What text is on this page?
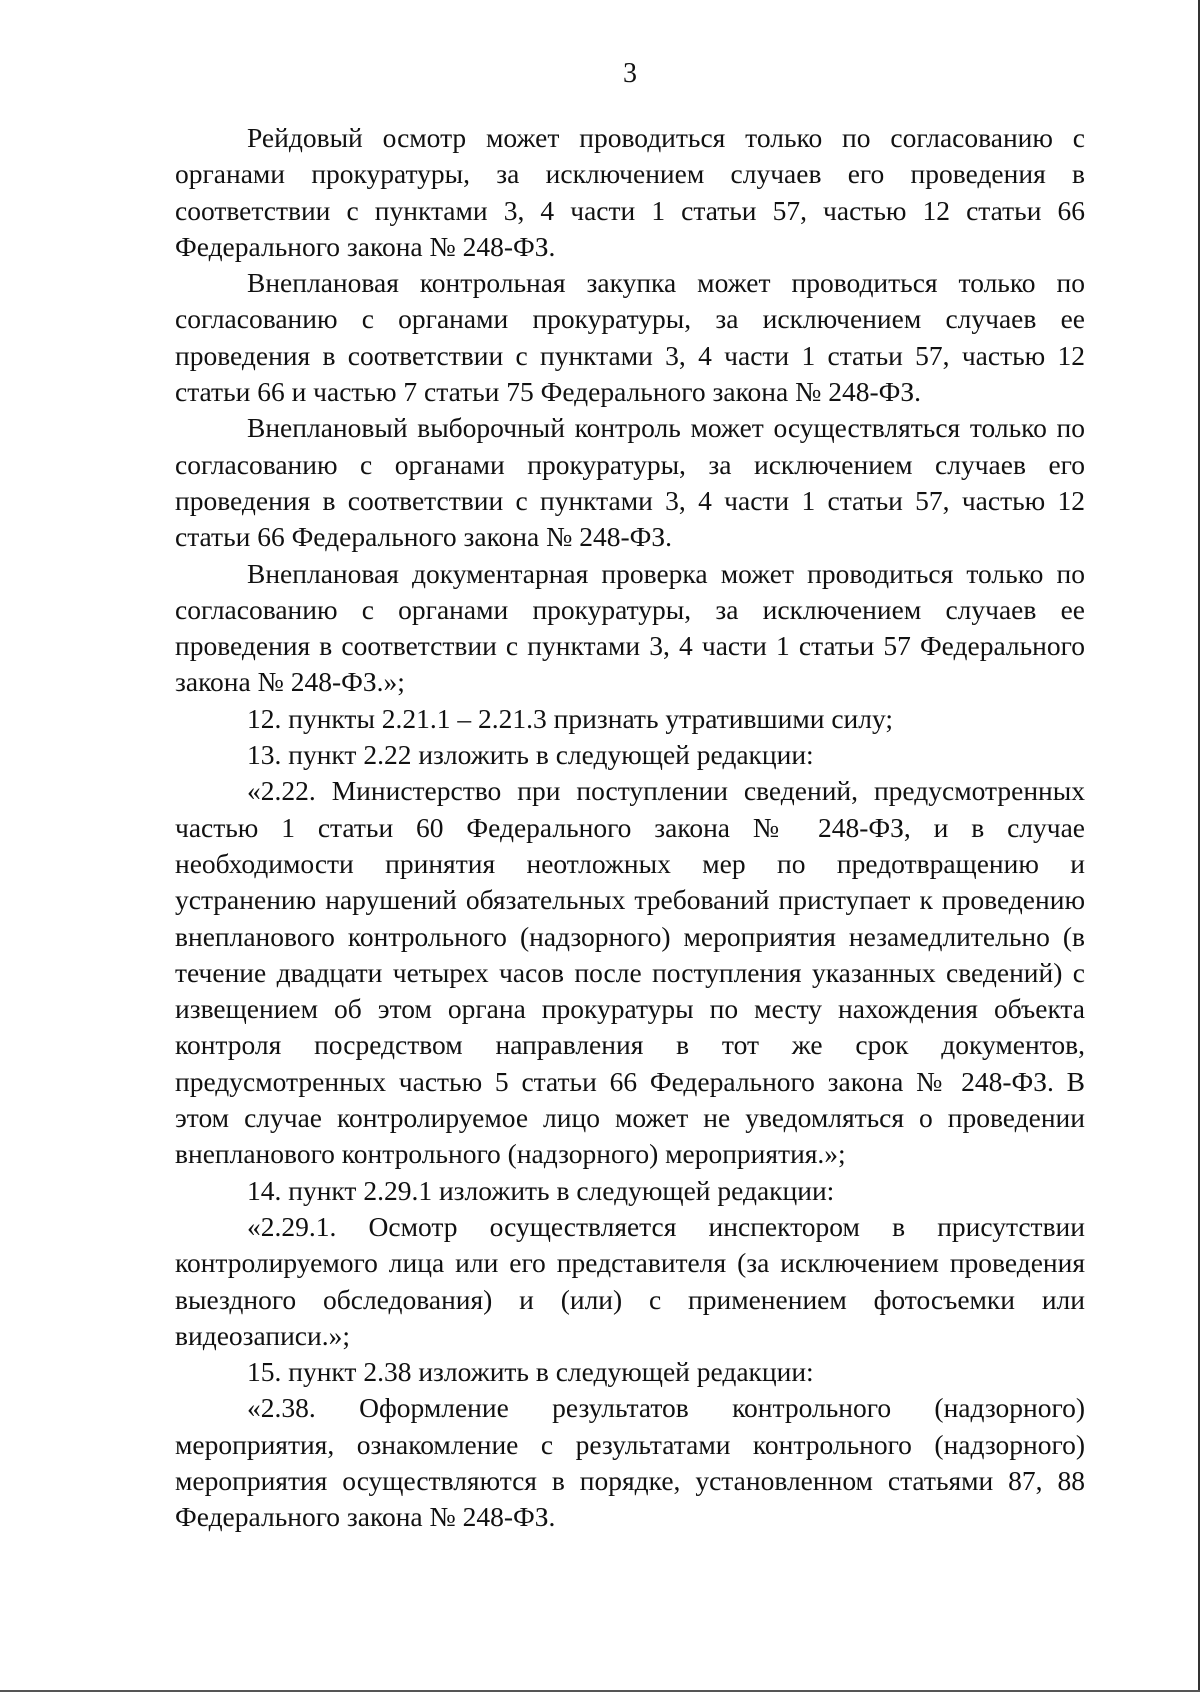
3

Рейдовый осмотр может проводиться только по согласованию с органами прокуратуры, за исключением случаев его проведения в соответствии с пунктами 3, 4 части 1 статьи 57, частью 12 статьи 66 Федерального закона № 248-ФЗ.

Внеплановая контрольная закупка может проводиться только по согласованию с органами прокуратуры, за исключением случаев ее проведения в соответствии с пунктами 3, 4 части 1 статьи 57, частью 12 статьи 66 и частью 7 статьи 75 Федерального закона № 248-ФЗ.

Внеплановый выборочный контроль может осуществляться только по согласованию с органами прокуратуры, за исключением случаев его проведения в соответствии с пунктами 3, 4 части 1 статьи 57, частью 12 статьи 66 Федерального закона № 248-ФЗ.

Внеплановая документарная проверка может проводиться только по согласованию с органами прокуратуры, за исключением случаев ее проведения в соответствии с пунктами 3, 4 части 1 статьи 57 Федерального закона № 248-ФЗ.»;

12. пункты 2.21.1 – 2.21.3 признать утратившими силу;

13. пункт 2.22 изложить в следующей редакции:

«2.22. Министерство при поступлении сведений, предусмотренных частью 1 статьи 60 Федерального закона № 248-ФЗ, и в случае необходимости принятия неотложных мер по предотвращению и устранению нарушений обязательных требований приступает к проведению внепланового контрольного (надзорного) мероприятия незамедлительно (в течение двадцати четырех часов после поступления указанных сведений) с извещением об этом органа прокуратуры по месту нахождения объекта контроля посредством направления в тот же срок документов, предусмотренных частью 5 статьи 66 Федерального закона № 248-ФЗ. В этом случае контролируемое лицо может не уведомляться о проведении внепланового контрольного (надзорного) мероприятия.»;

14. пункт 2.29.1 изложить в следующей редакции:

«2.29.1. Осмотр осуществляется инспектором в присутствии контролируемого лица или его представителя (за исключением проведения выездного обследования) и (или) с применением фотосъемки или видеозаписи.»;

15. пункт 2.38 изложить в следующей редакции:

«2.38. Оформление результатов контрольного (надзорного) мероприятия, ознакомление с результатами контрольного (надзорного) мероприятия осуществляются в порядке, установленном статьями 87, 88 Федерального закона № 248-ФЗ.
